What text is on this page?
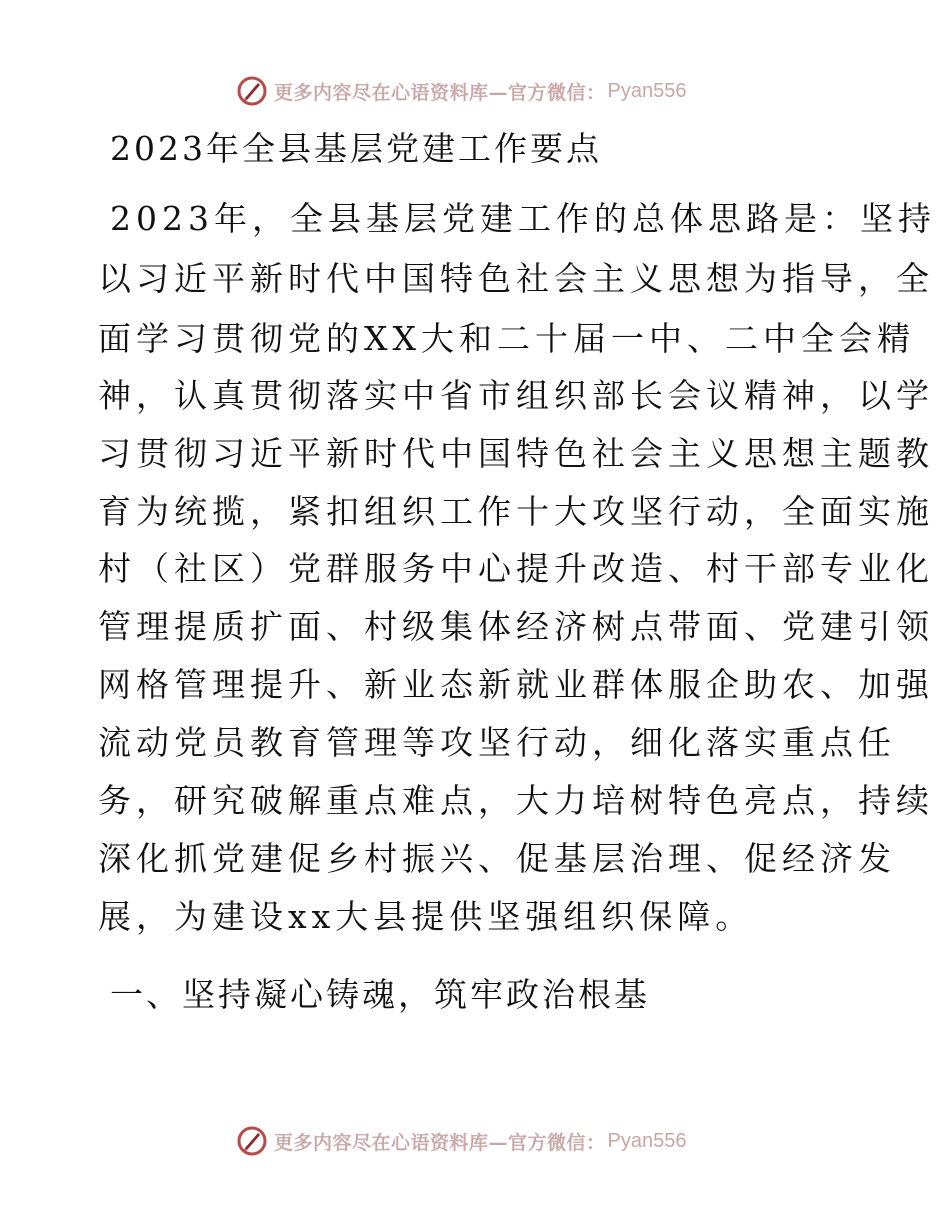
更多内容尽在心语资料库—官方微信： Pyan556
2023年全县基层党建工作要点

2023年，全县基层党建工作的总体思路是：坚持

以习近平新时代中国特色社会主义思想为指导，全

面学习贯彻党的XX大和二十届一中、二中全会精

神，认真贯彻落实中省市组织部长会议精神，以学

习贯彻习近平新时代中国特色社会主义思想主题教

育为统揽，紧扣组织工作十大攻坚行动，全面实施

村（社区）党群服务中心提升改造、村干部专业化

管理提质扩面、村级集体经济树点带面、党建引领

网格管理提升、新业态新就业群体服企助农、加强

流动党员教育管理等攻坚行动，细化落实重点任

务，研究破解重点难点，大力培树特色亮点，持续

深化抓党建促乡村振兴、促基层治理、促经济发

展，为建设xx大县提供坚强组织保障。

一、坚持凝心铸魂，筑牢政治根基
更多内容尽在心语资料库—官方微信： Pyan556
